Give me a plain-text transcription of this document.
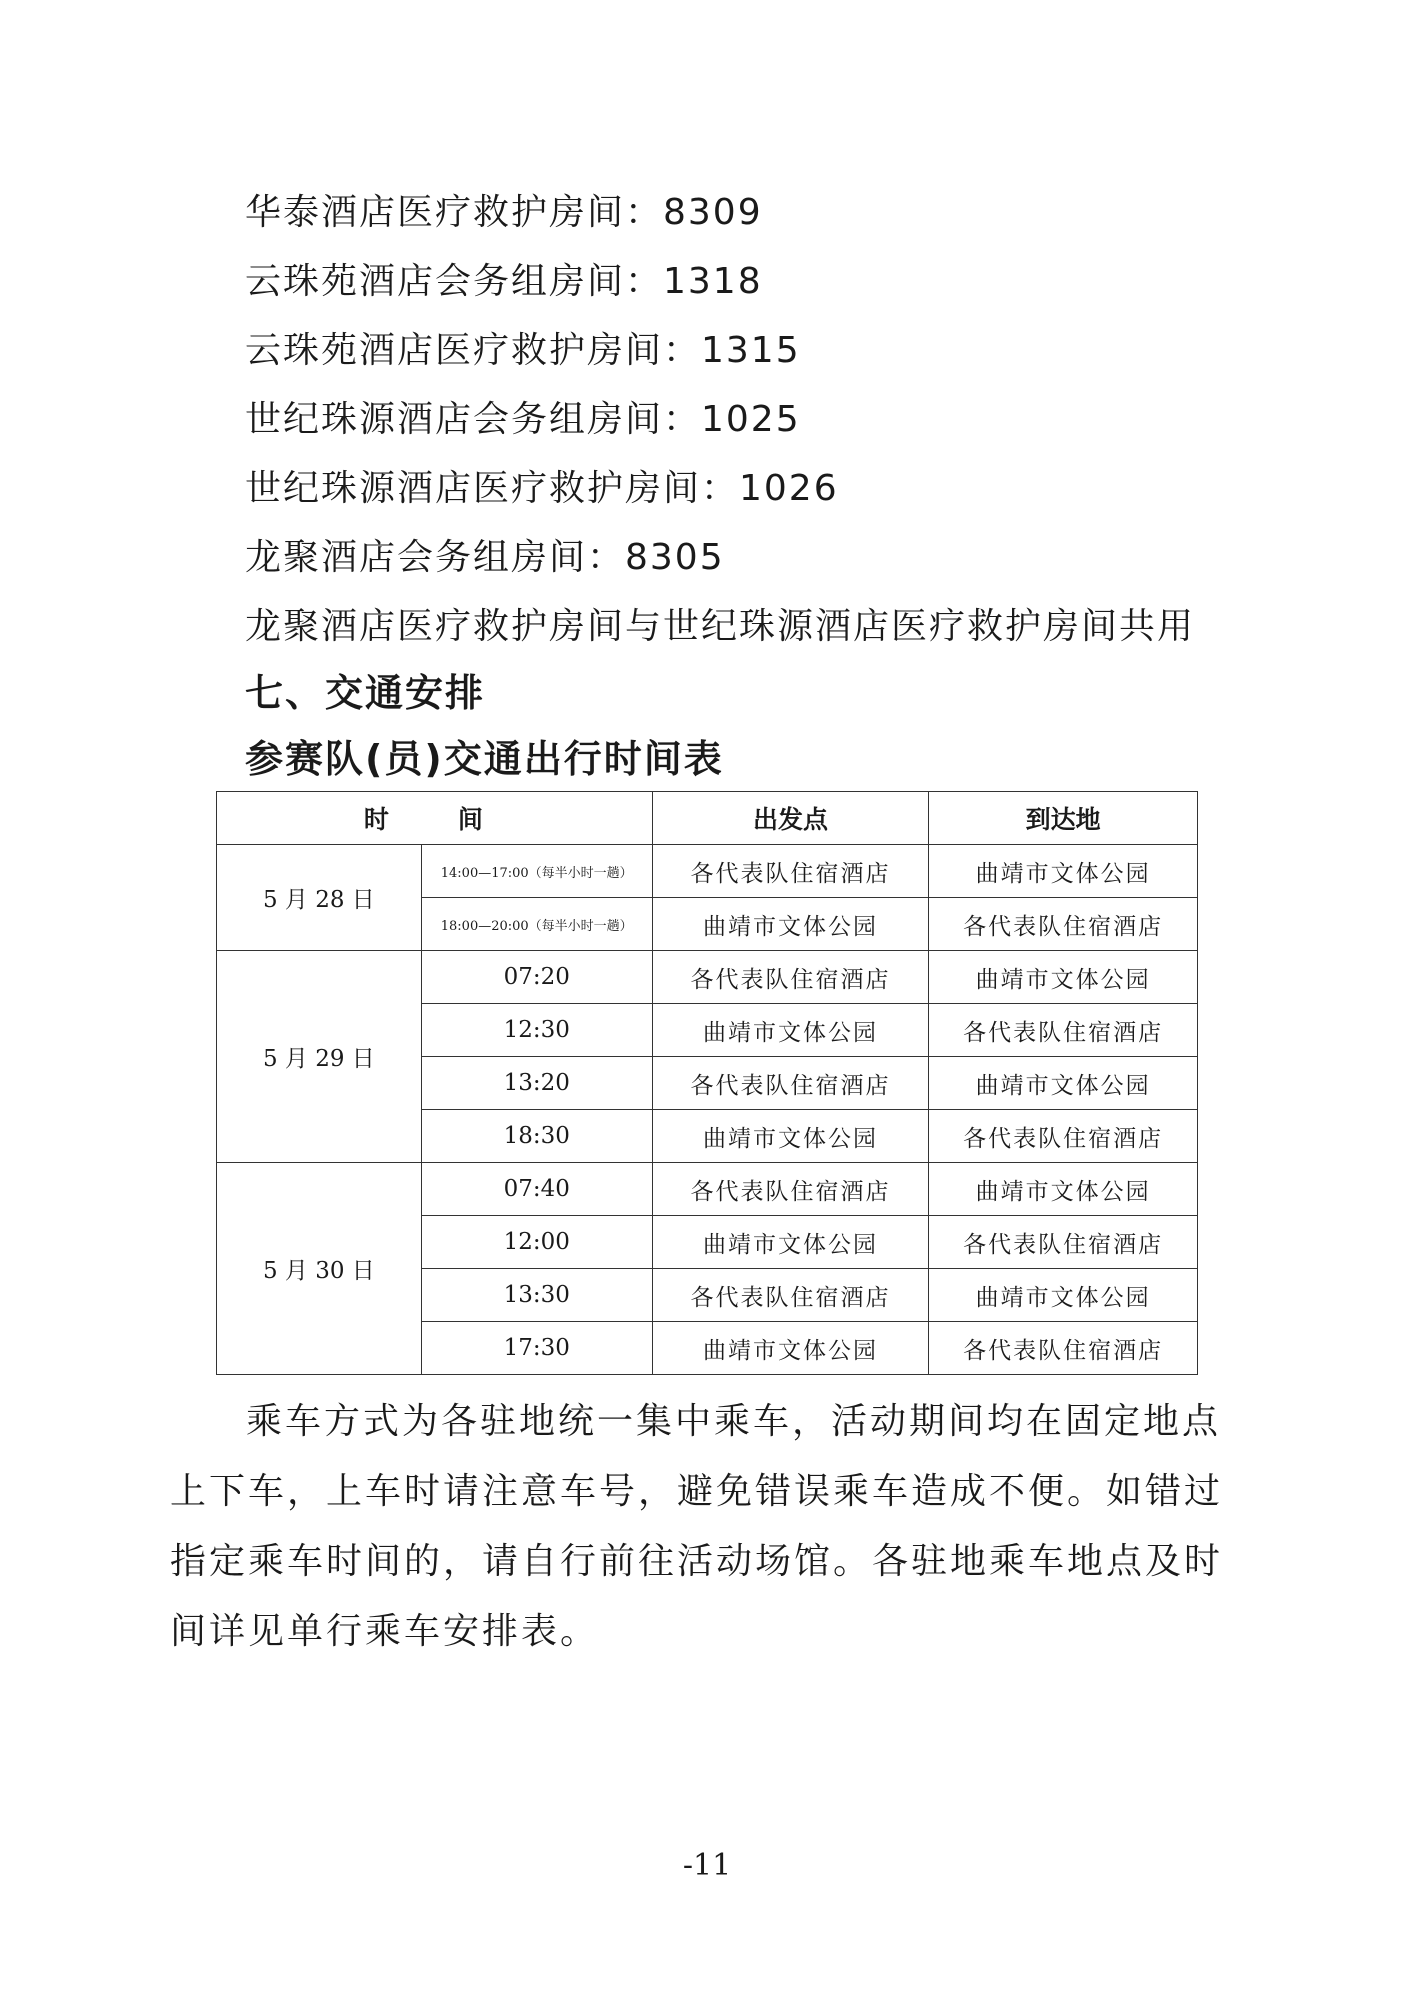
华泰酒店医疗救护房间：8309
云珠苑酒店会务组房间：1318
云珠苑酒店医疗救护房间：1315
世纪珠源酒店会务组房间：1025
世纪珠源酒店医疗救护房间：1026
龙聚酒店会务组房间：8305
龙聚酒店医疗救护房间与世纪珠源酒店医疗救护房间共用
七、交通安排
参赛队(员)交通出行时间表
时　间		出发点	到达地
5 月 28 日	14:00—17:00（每半小时一趟）	各代表队住宿酒店	曲靖市文体公园
	18:00—20:00（每半小时一趟）	曲靖市文体公园	各代表队住宿酒店
5 月 29 日	07:20	各代表队住宿酒店	曲靖市文体公园
	12:30	曲靖市文体公园	各代表队住宿酒店
	13:20	各代表队住宿酒店	曲靖市文体公园
	18:30	曲靖市文体公园	各代表队住宿酒店
5 月 30 日	07:40	各代表队住宿酒店	曲靖市文体公园
	12:00	曲靖市文体公园	各代表队住宿酒店
	13:30	各代表队住宿酒店	曲靖市文体公园
	17:30	曲靖市文体公园	各代表队住宿酒店
乘车方式为各驻地统一集中乘车，活动期间均在固定地点上下车，上车时请注意车号，避免错误乘车造成不便。如错过指定乘车时间的，请自行前往活动场馆。各驻地乘车地点及时间详见单行乘车安排表。
-11
